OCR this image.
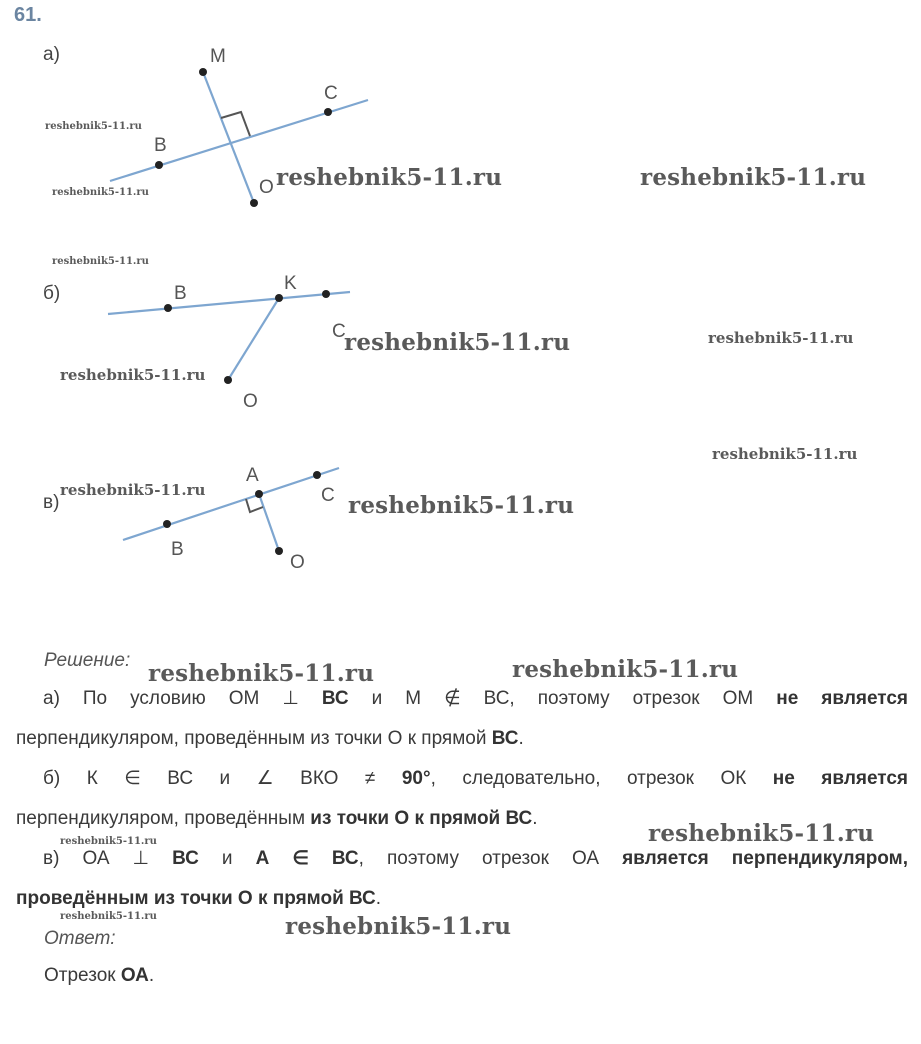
61.
а)
б)
в)
M
C
B
O
B	K
C
O
A
C
B
O
reshebnik5-11.ru
reshebnik5-11.ru
reshebnik5-11.ru
reshebnik5-11.ru	reshebnik5-11.ru
reshebnik5-11.ru	reshebnik5-11.ru
reshebnik5-11.ru
reshebnik5-11.ru
reshebnik5-11.ru
reshebnik5-11.ru
reshebnik5-11.ru	reshebnik5-11.ru
reshebnik5-11.ru
reshebnik5-11.ru
reshebnik5-11.ru	reshebnik5-11.ru
Решение:
а) По условию ОМ ⊥ ВС и М ∉ ВС, поэтому отрезок ОМ не является
перпендикуляром, проведённым из точки О к прямой ВС.
б) К ∈ ВС и ∠ ВКО ≠ 90°, следовательно, отрезок ОК не является
перпендикуляром, проведённым из точки О к прямой ВС.
в) ОА ⊥ ВС и А ∈ ВС, поэтому отрезок ОА является перпендикуляром,
проведённым из точки О к прямой ВС.
Ответ:
Отрезок ОА.
